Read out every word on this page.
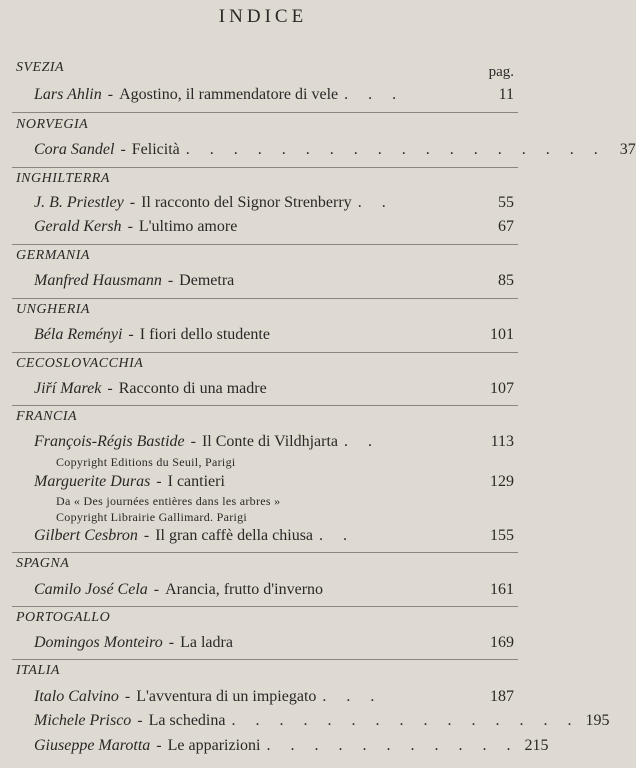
INDICE
pag.
SVEZIA
Lars Ahlin - Agostino, il rammendatore di vele . . .	11
NORVEGIA
Cora Sandel - Felicità . . . . . . . . . . . . . . . . . . 37
INGHILTERRA
J. B. Priestley - Il racconto del Signor Strenberry . .	55
Gerald Kersh - L'ultimo amore	67
GERMANIA
Manfred Hausmann - Demetra	85
UNGHERIA
Béla Reményi - I fiori dello studente	101
CECOSLOVACCHIA
Jiří Marek - Racconto di una madre	107
FRANCIA
François-Régis Bastide - Il Conte di Vildhjarta . .	113
Copyright Editions du Seuil, Parigi
Marguerite Duras - I cantieri	129
Da « Des journées entières dans les arbres »
Copyright Librairie Gallimard. Parigi
Gilbert Cesbron - Il gran caffè della chiusa . .	155
SPAGNA
Camilo José Cela - Arancia, frutto d'inverno	161
PORTOGALLO
Domingos Monteiro - La ladra	169
ITALIA
Italo Calvino - L'avventura di un impiegato . . .	187
Michele Prisco - La schedina . . . . . . . . . . . . . . . 195
Giuseppe Marotta - Le apparizioni . . . . . . . . . . . 215
